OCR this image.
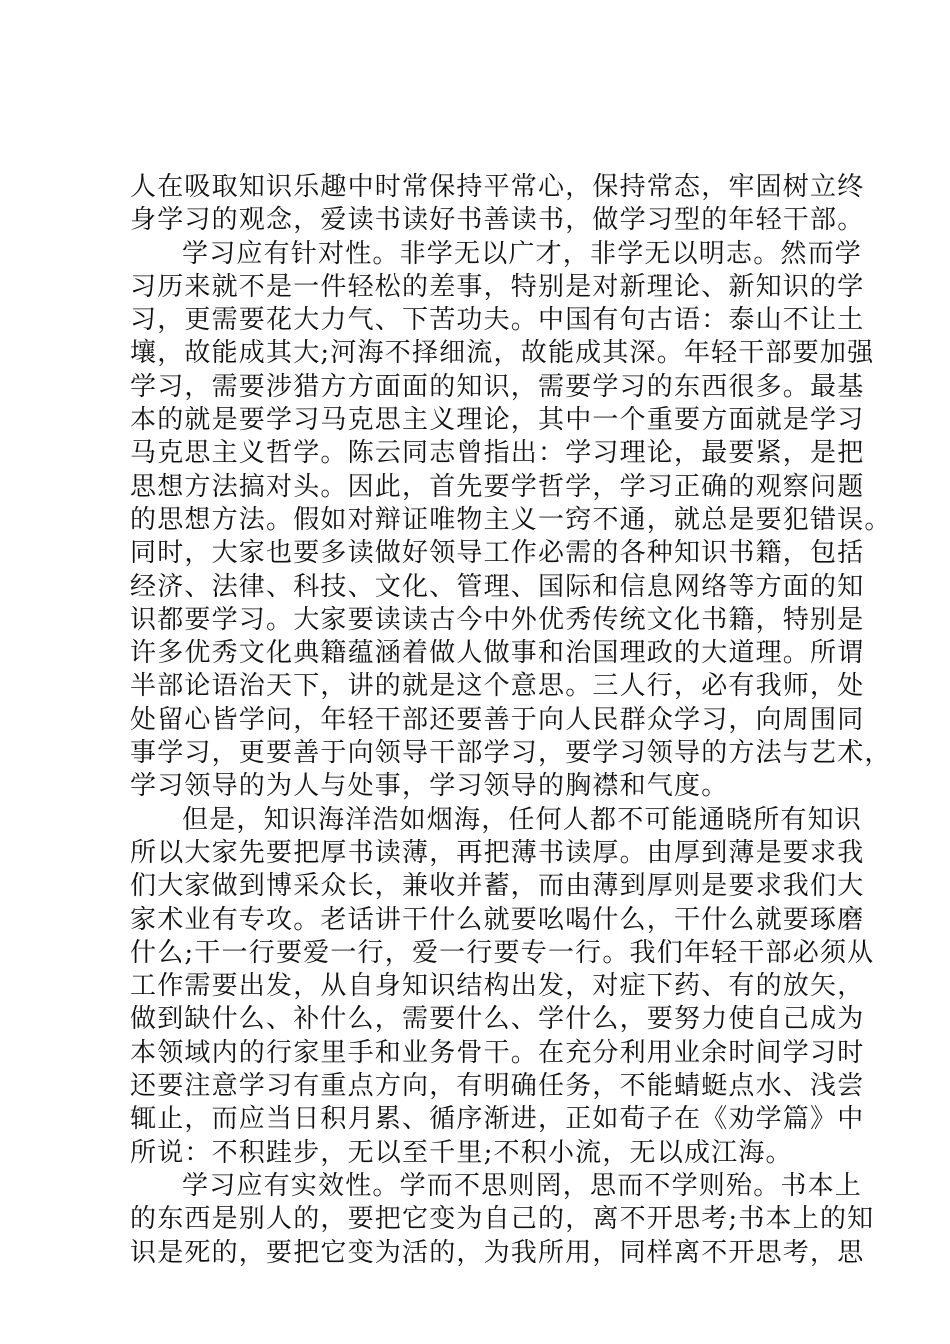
人在吸取知识乐趣中时常保持平常心，保持常态，牢固树立终
身学习的观念，爱读书读好书善读书，做学习型的年轻干部。
学习应有针对性。非学无以广才，非学无以明志。然而学
习历来就不是一件轻松的差事，特别是对新理论、新知识的学
习，更需要花大力气、下苦功夫。中国有句古语：泰山不让土
壤，故能成其大;河海不择细流，故能成其深。年轻干部要加强
学习，需要涉猎方方面面的知识，需要学习的东西很多。最基
本的就是要学习马克思主义理论，其中一个重要方面就是学习
马克思主义哲学。陈云同志曾指出：学习理论，最要紧，是把
思想方法搞对头。因此，首先要学哲学，学习正确的观察问题
的思想方法。假如对辩证唯物主义一窍不通，就总是要犯错误。
同时，大家也要多读做好领导工作必需的各种知识书籍，包括
经济、法律、科技、文化、管理、国际和信息网络等方面的知
识都要学习。大家要读读古今中外优秀传统文化书籍，特别是
许多优秀文化典籍蕴涵着做人做事和治国理政的大道理。所谓
半部论语治天下，讲的就是这个意思。三人行，必有我师，处
处留心皆学问，年轻干部还要善于向人民群众学习，向周围同
事学习，更要善于向领导干部学习，要学习领导的方法与艺术，
学习领导的为人与处事，学习领导的胸襟和气度。
但是，知识海洋浩如烟海，任何人都不可能通晓所有知识
所以大家先要把厚书读薄，再把薄书读厚。由厚到薄是要求我
们大家做到博采众长，兼收并蓄，而由薄到厚则是要求我们大
家术业有专攻。老话讲干什么就要吆喝什么，干什么就要琢磨
什么;干一行要爱一行，爱一行要专一行。我们年轻干部必须从
工作需要出发，从自身知识结构出发，对症下药、有的放矢，
做到缺什么、补什么，需要什么、学什么，要努力使自己成为
本领域内的行家里手和业务骨干。在充分利用业余时间学习时
还要注意学习有重点方向，有明确任务，不能蜻蜓点水、浅尝
辄止，而应当日积月累、循序渐进，正如荀子在《劝学篇》中
所说：不积跬步，无以至千里;不积小流，无以成江海。
学习应有实效性。学而不思则罔，思而不学则殆。书本上
的东西是别人的，要把它变为自己的，离不开思考;书本上的知
识是死的，要把它变为活的，为我所用，同样离不开思考，思
